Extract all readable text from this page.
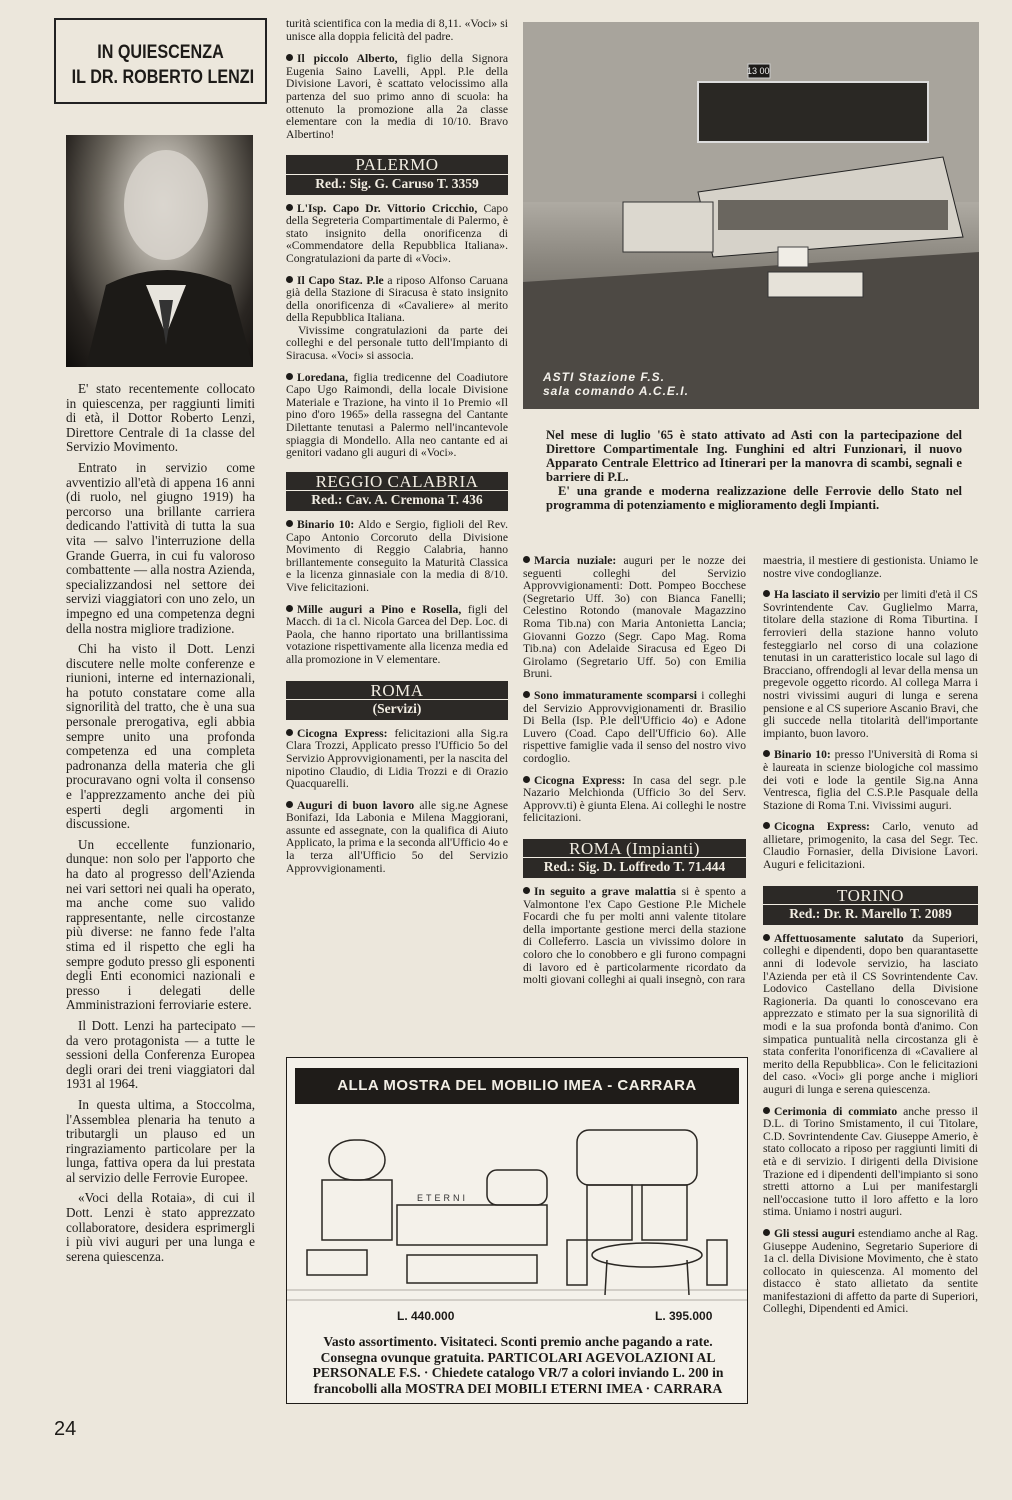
IN QUIESCENZA
IL DR. ROBERTO LENZI

E' stato recentemente collocato in quiescenza, per raggiunti limiti di età, il Dottor Roberto Lenzi, Direttore Centrale di 1a classe del Servizio Movimento.

Entrato in servizio come avventizio all'età di appena 16 anni (di ruolo, nel giugno 1919) ha percorso una brillante carriera dedicando l'attività di tutta la sua vita — salvo l'interruzione della Grande Guerra, in cui fu valoroso combattente — alla nostra Azienda, specializzandosi nel settore dei servizi viaggiatori con uno zelo, un impegno ed una competenza degni della nostra migliore tradizione.

Chi ha visto il Dott. Lenzi discutere nelle molte conferenze e riunioni, interne ed internazionali, ha potuto constatare come alla signorilità del tratto, che è una sua personale prerogativa, egli abbia sempre unito una profonda competenza ed una completa padronanza della materia che gli procuravano ogni volta il consenso e l'apprezzamento anche dei più esperti degli argomenti in discussione.

Un eccellente funzionario, dunque: non solo per l'apporto che ha dato al progresso dell'Azienda nei vari settori nei quali ha operato, ma anche come suo valido rappresentante, nelle circostanze più diverse: ne fanno fede l'alta stima ed il rispetto che egli ha sempre goduto presso gli esponenti degli Enti economici nazionali e presso i delegati delle Amministrazioni ferroviarie estere.

Il Dott. Lenzi ha partecipato — da vero protagonista — a tutte le sessioni della Conferenza Europea degli orari dei treni viaggiatori dal 1931 al 1964.

In questa ultima, a Stoccolma, l'Assemblea plenaria ha tenuto a tributargli un plauso ed un ringraziamento particolare per la lunga, fattiva opera da lui prestata al servizio delle Ferrovie Europee.

«Voci della Rotaia», di cui il Dott. Lenzi è stato apprezzato collaboratore, desidera esprimergli i più vivi auguri per una lunga e serena quiescenza.

24

turità scientifica con la media di 8,11. «Voci» si unisce alla doppia felicità del padre.

Il piccolo Alberto, figlio della Signora Eugenia Saino Lavelli, Appl. P.le della Divisione Lavori, è scattato velocissimo alla partenza del suo primo anno di scuola: ha ottenuto la promozione alla 2a classe elementare con la media di 10/10. Bravo Albertino!

PALERMO
Red.: Sig. G. Caruso T. 3359

L'Isp. Capo Dr. Vittorio Cricchio, Capo della Segreteria Compartimentale di Palermo, è stato insignito della onorificenza di «Commendatore della Repubblica Italiana». Congratulazioni da parte di «Voci».

Il Capo Staz. P.le a riposo Alfonso Caruana già della Stazione di Siracusa è stato insignito della onorificenza di «Cavaliere» al merito della Repubblica Italiana.

Vivissime congratulazioni da parte dei colleghi e del personale tutto dell'Impianto di Siracusa. «Voci» si associa.

Loredana, figlia tredicenne del Coadiutore Capo Ugo Raimondi, della locale Divisione Materiale e Trazione, ha vinto il 1o Premio «Il pino d'oro 1965» della rassegna del Cantante Dilettante tenutasi a Palermo nell'incantevole spiaggia di Mondello. Alla neo cantante ed ai genitori vadano gli auguri di «Voci».

REGGIO CALABRIA
Red.: Cav. A. Cremona T. 436

Binario 10: Aldo e Sergio, figlioli del Rev. Capo Antonio Corcoruto della Divisione Movimento di Reggio Calabria, hanno brillantemente conseguito la Maturità Classica e la licenza ginnasiale con la media di 8/10. Vive felicitazioni.

Mille auguri a Pino e Rosella, figli del Macch. di 1a cl. Nicola Garcea del Dep. Loc. di Paola, che hanno riportato una brillantissima votazione rispettivamente alla licenza media ed alla promozione in V elementare.

ROMA
(Servizi)

Cicogna Express: felicitazioni alla Sig.ra Clara Trozzi, Applicato presso l'Ufficio 5o del Servizio Approvvigionamenti, per la nascita del nipotino Claudio, di Lidia Trozzi e di Orazio Quacquarelli.

Auguri di buon lavoro alle sig.ne Agnese Bonifazi, Ida Labonia e Milena Maggiorani, assunte ed assegnate, con la qualifica di Aiuto Applicato, la prima e la seconda all'Ufficio 4o e la terza all'Ufficio 5o del Servizio Approvvigionamenti.

13 00
ASTI Stazione F.S.
sala comando A.C.E.I.

Nel mese di luglio '65 è stato attivato ad Asti con la partecipazione del Direttore Compartimentale Ing. Funghini ed altri Funzionari, il nuovo Apparato Centrale Elettrico ad Itinerari per la manovra di scambi, segnali e barriere di P.L.

E' una grande e moderna realizzazione delle Ferrovie dello Stato nel programma di potenziamento e miglioramento degli Impianti.

Marcia nuziale: auguri per le nozze dei seguenti colleghi del Servizio Approvvigionamenti: Dott. Pompeo Bocchese (Segretario Uff. 3o) con Bianca Fanelli; Celestino Rotondo (manovale Magazzino Roma Tib.na) con Maria Antonietta Lancia; Giovanni Gozzo (Segr. Capo Mag. Roma Tib.na) con Adelaide Siracusa ed Egeo Di Girolamo (Segretario Uff. 5o) con Emilia Bruni.

Sono immaturamente scomparsi i colleghi del Servizio Approvvigionamenti dr. Brasilio Di Bella (Isp. P.le dell'Ufficio 4o) e Adone Luvero (Coad. Capo dell'Ufficio 6o). Alle rispettive famiglie vada il senso del nostro vivo cordoglio.

Cicogna Express: In casa del segr. p.le Nazario Melchionda (Ufficio 3o del Serv. Approvv.ti) è giunta Elena. Ai colleghi le nostre felicitazioni.

ROMA (Impianti)
Red.: Sig. D. Loffredo T. 71.444

In seguito a grave malattia si è spento a Valmontone l'ex Capo Gestione P.le Michele Focardi che fu per molti anni valente titolare della importante gestione merci della stazione di Colleferro. Lascia un vivissimo dolore in coloro che lo conobbero e gli furono compagni di lavoro ed è particolarmente ricordato da molti giovani colleghi ai quali insegnò, con rara

maestria, il mestiere di gestionista. Uniamo le nostre vive condoglianze.

Ha lasciato il servizio per limiti d'età il CS Sovrintendente Cav. Guglielmo Marra, titolare della stazione di Roma Tiburtina. I ferrovieri della stazione hanno voluto festeggiarlo nel corso di una colazione tenutasi in un caratteristico locale sul lago di Bracciano, offrendogli al levar della mensa un pregevole oggetto ricordo. Al collega Marra i nostri vivissimi auguri di lunga e serena pensione e al CS superiore Ascanio Bravi, che gli succede nella titolarità dell'importante impianto, buon lavoro.

Binario 10: presso l'Università di Roma si è laureata in scienze biologiche col massimo dei voti e lode la gentile Sig.na Anna Ventresca, figlia del C.S.P.le Pasquale della Stazione di Roma T.ni. Vivissimi auguri.

Cicogna Express: Carlo, venuto ad allietare, primogenito, la casa del Segr. Tec. Claudio Fornasier, della Divisione Lavori. Auguri e felicitazioni.

TORINO
Red.: Dr. R. Marello T. 2089

Affettuosamente salutato da Superiori, colleghi e dipendenti, dopo ben quarantasette anni di lodevole servizio, ha lasciato l'Azienda per età il CS Sovrintendente Cav. Lodovico Castellano della Divisione Ragioneria. Da quanti lo conoscevano era apprezzato e stimato per la sua signorilità di modi e la sua profonda bontà d'animo. Con simpatica puntualità nella circostanza gli è stata conferita l'onorificenza di «Cavaliere al merito della Repubblica». Con le felicitazioni del caso. «Voci» gli porge anche i migliori auguri di lunga e serena quiescenza.

Cerimonia di commiato anche presso il D.L. di Torino Smistamento, il cui Titolare, C.D. Sovrintendente Cav. Giuseppe Amerio, è stato collocato a riposo per raggiunti limiti di età e di servizio. I dirigenti della Divisione Trazione ed i dipendenti dell'impianto si sono stretti attorno a Lui per manifestargli nell'occasione tutto il loro affetto e la loro stima. Uniamo i nostri auguri.

Gli stessi auguri estendiamo anche al Rag. Giuseppe Audenino, Segretario Superiore di 1a cl. della Divisione Movimento, che è stato collocato in quiescenza. Al momento del distacco è stato allietato da sentite manifestazioni di affetto da parte di Superiori, Colleghi, Dipendenti ed Amici.

ALLA MOSTRA DEL MOBILIO IMEA - CARRARA
ETERNI
L. 440.000	L. 395.000
Vasto assortimento. Visitateci. Sconti premio anche pagando a rate. Consegna ovunque gratuita. PARTICOLARI AGEVOLAZIONI AL PERSONALE F.S. · Chiedete catalogo VR/7 a colori inviando L. 200 in francobolli alla MOSTRA DEI MOBILI ETERNI IMEA · CARRARA
